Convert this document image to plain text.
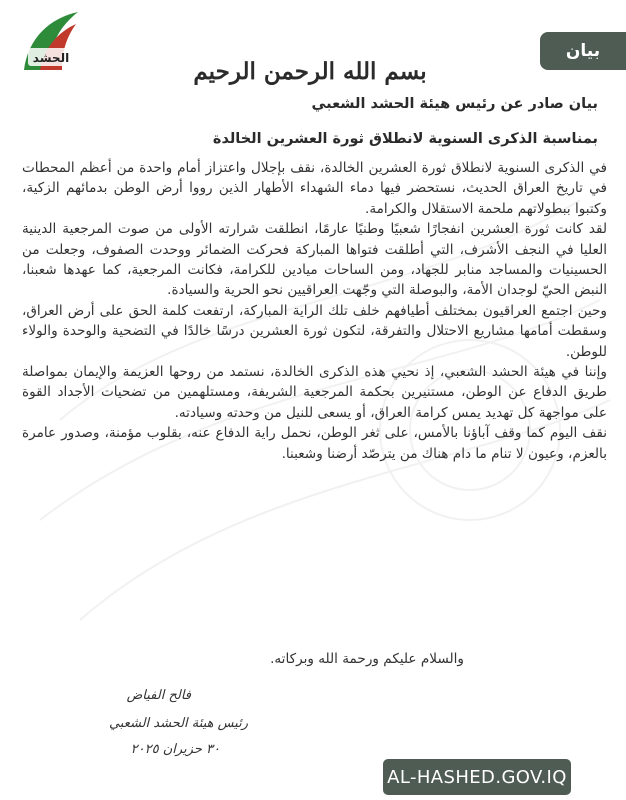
الحشد	بيان
بسم الله الرحمن الرحيم
بيان صادر عن رئيس هيئة الحشد الشعبي
بمناسبة الذكرى السنوية لانطلاق ثورة العشرين الخالدة

في الذكرى السنوية لانطلاق ثورة العشرين الخالدة، نقف بإجلال واعتزاز أمام واحدة من أعظم المحطات في تاريخ العراق الحديث، نستحضر فيها دماء الشهداء الأطهار الذين رووا أرض الوطن بدمائهم الزكية، وكتبوا ببطولاتهم ملحمة الاستقلال والكرامة.

لقد كانت ثورة العشرين انفجارًا شعبيًا وطنيًا عارمًا، انطلقت شرارته الأولى من صوت المرجعية الدينية العليا في النجف الأشرف، التي أطلقت فتواها المباركة فحركت الضمائر ووحدت الصفوف، وجعلت من الحسينيات والمساجد منابر للجهاد، ومن الساحات ميادين للكرامة، فكانت المرجعية، كما عهدها شعبنا، النبض الحيّ لوجدان الأمة، والبوصلة التي وجّهت العراقيين نحو الحرية والسيادة.

وحين اجتمع العراقيون بمختلف أطيافهم خلف تلك الراية المباركة، ارتفعت كلمة الحق على أرض العراق، وسقطت أمامها مشاريع الاحتلال والتفرقة، لتكون ثورة العشرين درسًا خالدًا في التضحية والوحدة والولاء للوطن.

وإننا في هيئة الحشد الشعبي، إذ نحيي هذه الذكرى الخالدة، نستمد من روحها العزيمة والإيمان بمواصلة طريق الدفاع عن الوطن، مستنيرين بحكمة المرجعية الشريفة، ومستلهمين من تضحيات الأجداد القوة على مواجهة كل تهديد يمس كرامة العراق، أو يسعى للنيل من وحدته وسيادته.

نقف اليوم كما وقف آباؤنا بالأمس، على ثغر الوطن، نحمل راية الدفاع عنه، بقلوب مؤمنة، وصدور عامرة بالعزم، وعيون لا تنام ما دام هناك من يترصّد أرضنا وشعبنا.

والسلام عليكم ورحمة الله وبركاته.
فالح الفياض
رئيس هيئة الحشد الشعبي
٣٠ حزيران ٢٠٢٥
AL-HASHED.GOV.IQ
